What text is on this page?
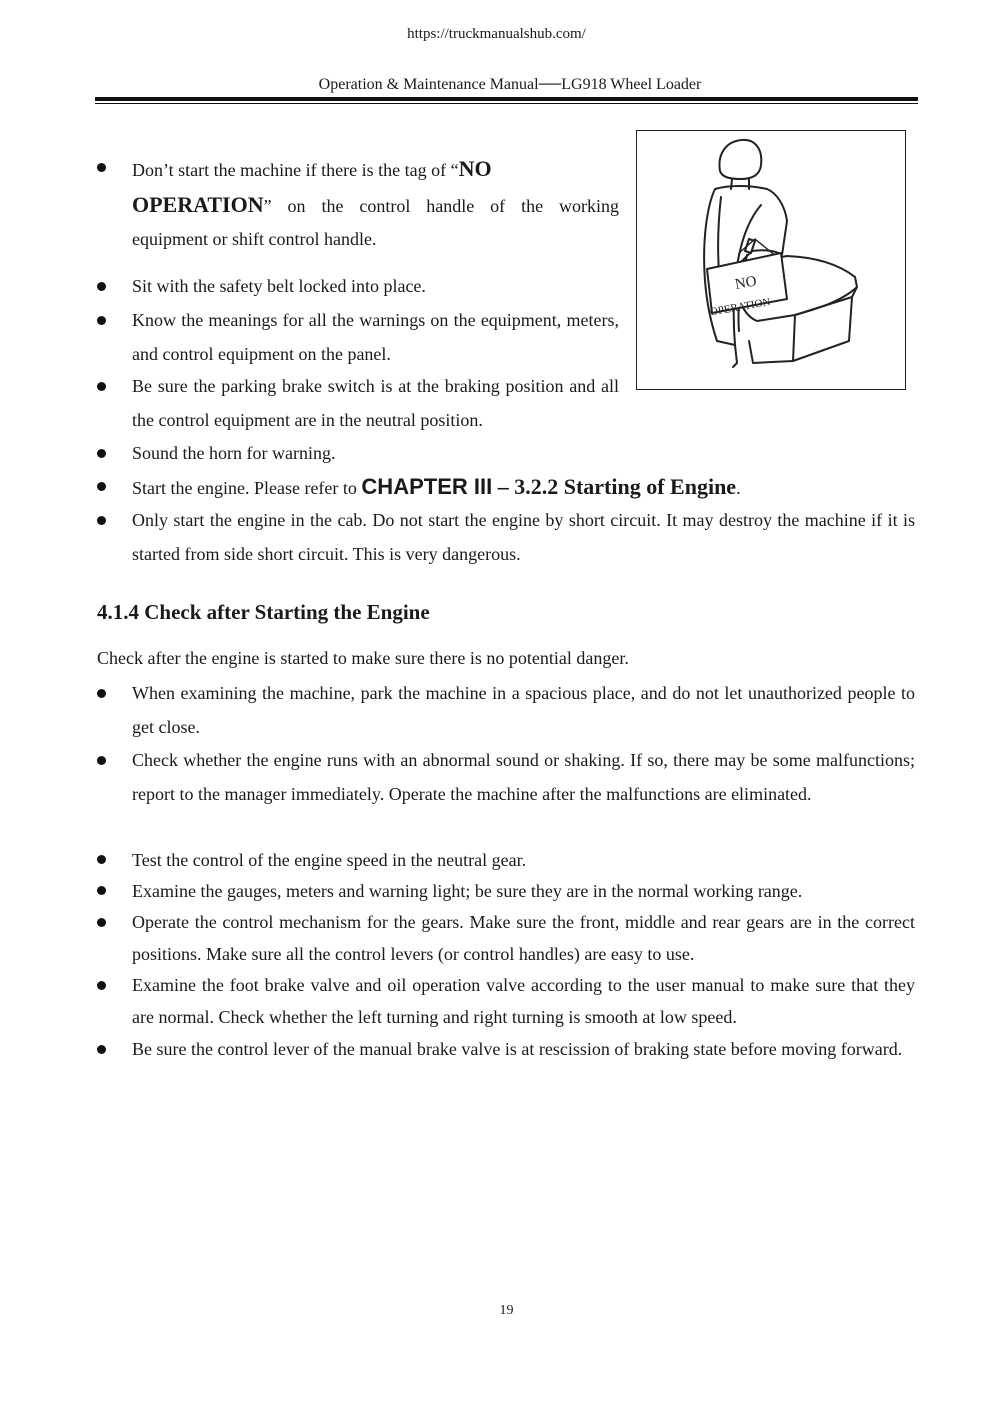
https://truckmanualshub.com/
Operation & Maintenance Manual──LG918 Wheel Loader
NO
OPERATION

Don’t start the machine if there is the tag of “NO
OPERATION” on the control handle of the working equipment or shift control handle.

Sit with the safety belt locked into place.

Know the meanings for all the warnings on the equipment, meters, and control equipment on the panel.

Be sure the parking brake switch is at the braking position and all the control equipment are in the neutral position.

Sound the horn for warning.

Start the engine. Please refer to CHAPTER III – 3.2.2 Starting of Engine.

Only start the engine in the cab. Do not start the engine by short circuit. It may destroy the machine if it is started from side short circuit. This is very dangerous.

4.1.4 Check after Starting the Engine

Check after the engine is started to make sure there is no potential danger.

When examining the machine, park the machine in a spacious place, and do not let unauthorized people to get close.

Check whether the engine runs with an abnormal sound or shaking. If so, there may be some malfunctions; report to the manager immediately. Operate the machine after the malfunctions are eliminated.

Test the control of the engine speed in the neutral gear.

Examine the gauges, meters and warning light; be sure they are in the normal working range.

Operate the control mechanism for the gears. Make sure the front, middle and rear gears are in the correct positions. Make sure all the control levers (or control handles) are easy to use.

Examine the foot brake valve and oil operation valve according to the user manual to make sure that they are normal. Check whether the left turning and right turning is smooth at low speed.

Be sure the control lever of the manual brake valve is at rescission of braking state before moving forward.

19
